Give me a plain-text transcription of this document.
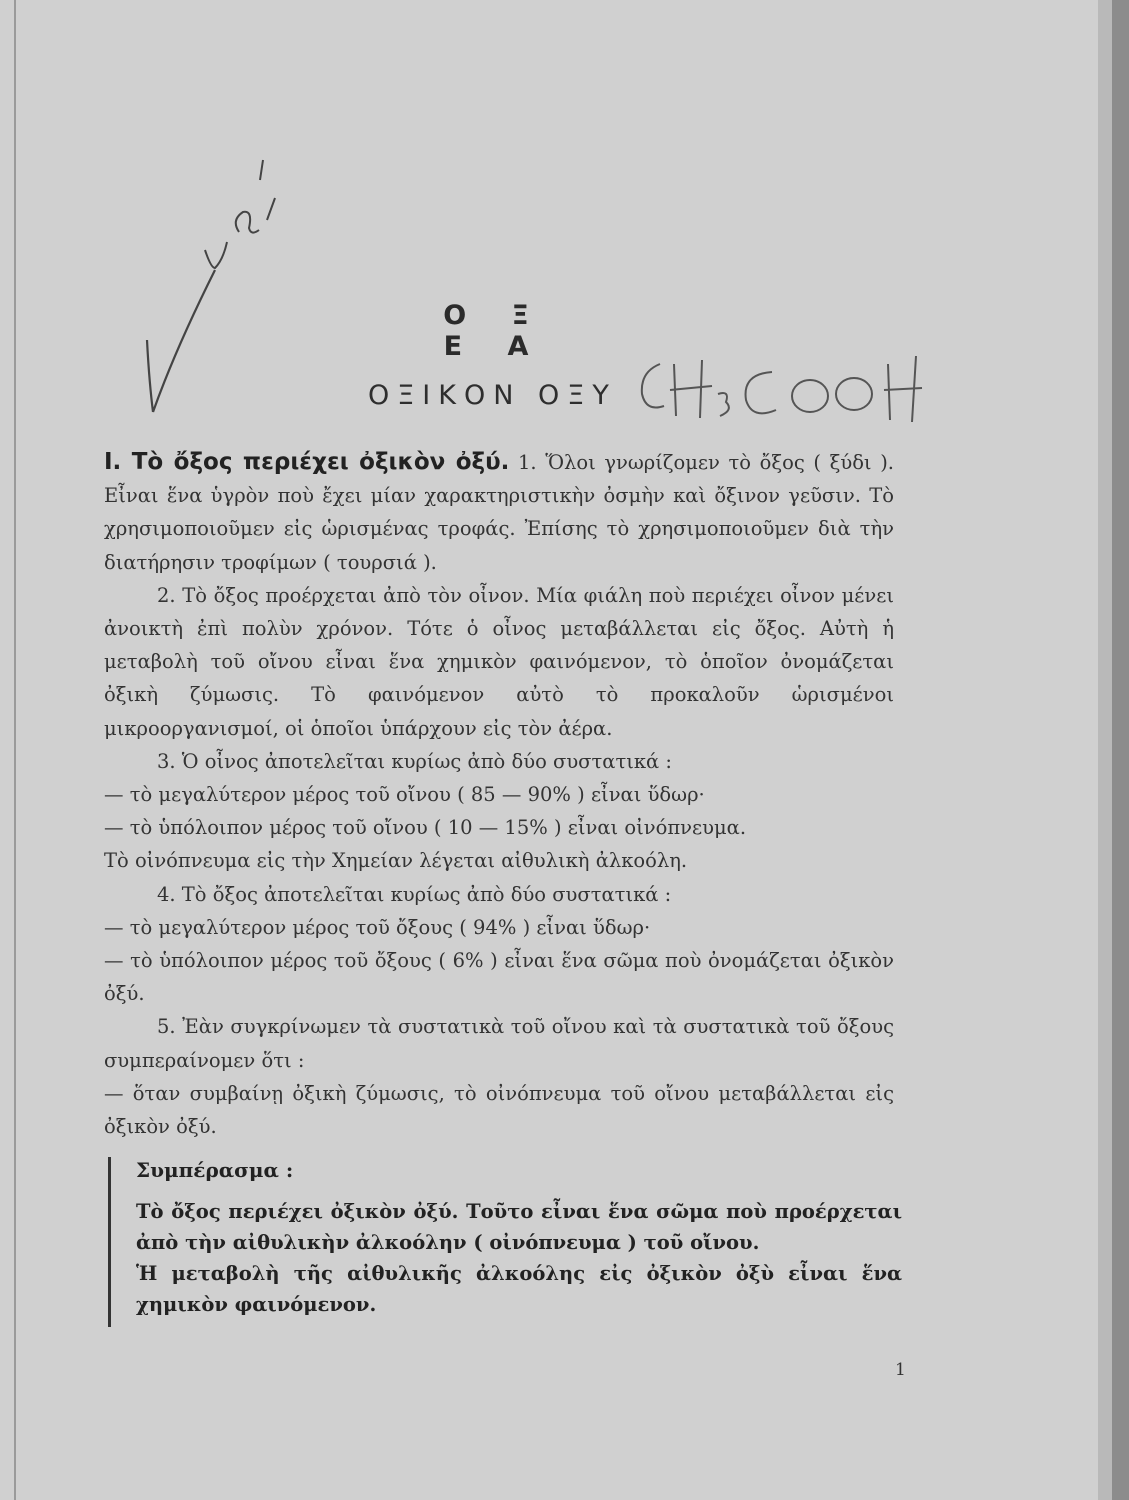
Ο Ξ Ε Α
ΟΞΙΚΟΝ ΟΞΥ

I. Τὸ ὄξος περιέχει ὀξικὸν ὀξύ. 1. Ὅλοι γνωρίζομεν τὸ ὄξος ( ξύδι ). Εἶναι ἕνα ὑγρὸν ποὺ ἔχει μίαν χαρακτηριστικὴν ὀσμὴν καὶ ὄξινον γεῦσιν. Τὸ χρησιμοποιοῦμεν εἰς ὡρισμένας τροφάς. Ἐπίσης τὸ χρησιμοποιοῦμεν διὰ τὴν διατήρησιν τροφίμων ( τουρσιά ).

2. Τὸ ὄξος προέρχεται ἀπὸ τὸν οἶνον. Μία φιάλη ποὺ περιέχει οἶνον μένει ἀνοικτὴ ἐπὶ πολὺν χρόνον. Τότε ὁ οἶνος μεταβάλλεται εἰς ὄξος. Αὐτὴ ἡ μεταβολὴ τοῦ οἴνου εἶναι ἕνα χημικὸν φαινόμενον, τὸ ὁποῖον ὀνομάζεται ὀξικὴ ζύμωσις. Τὸ φαινόμενον αὐτὸ τὸ προκαλοῦν ὡρισμένοι μικροοργανισμοί, οἱ ὁποῖοι ὑπάρχουν εἰς τὸν ἀέρα.

3. Ὁ οἶνος ἀποτελεῖται κυρίως ἀπὸ δύο συστατικά :

— τὸ μεγαλύτερον μέρος τοῦ οἴνου ( 85 — 90% ) εἶναι ὕδωρ·

— τὸ ὑπόλοιπον μέρος τοῦ οἴνου ( 10 — 15% ) εἶναι οἰνόπνευμα.

Τὸ οἰνόπνευμα εἰς τὴν Χημείαν λέγεται αἰθυλικὴ ἀλκοόλη.

4. Τὸ ὄξος ἀποτελεῖται κυρίως ἀπὸ δύο συστατικά :

— τὸ μεγαλύτερον μέρος τοῦ ὄξους ( 94% ) εἶναι ὕδωρ·

— τὸ ὑπόλοιπον μέρος τοῦ ὄξους ( 6% ) εἶναι ἕνα σῶμα ποὺ ὀνομάζεται ὀξικὸν ὀξύ.

5. Ἐὰν συγκρίνωμεν τὰ συστατικὰ τοῦ οἴνου καὶ τὰ συστατικὰ τοῦ ὄξους συμπεραίνομεν ὅτι :

— ὅταν συμβαίνῃ ὀξικὴ ζύμωσις, τὸ οἰνόπνευμα τοῦ οἴνου μεταβάλλεται εἰς ὀξικὸν ὀξύ.

Συμπέρασμα :

Τὸ ὄξος περιέχει ὀξικὸν ὀξύ. Τοῦτο εἶναι ἕνα σῶμα ποὺ προέρχεται ἀπὸ τὴν αἰθυλικὴν ἀλκοόλην ( οἰνόπνευμα ) τοῦ οἴνου.

Ἡ μεταβολὴ τῆς αἰθυλικῆς ἀλκοόλης εἰς ὀξικὸν ὀξὺ εἶναι ἕνα χημικὸν φαινόμενον.

1
